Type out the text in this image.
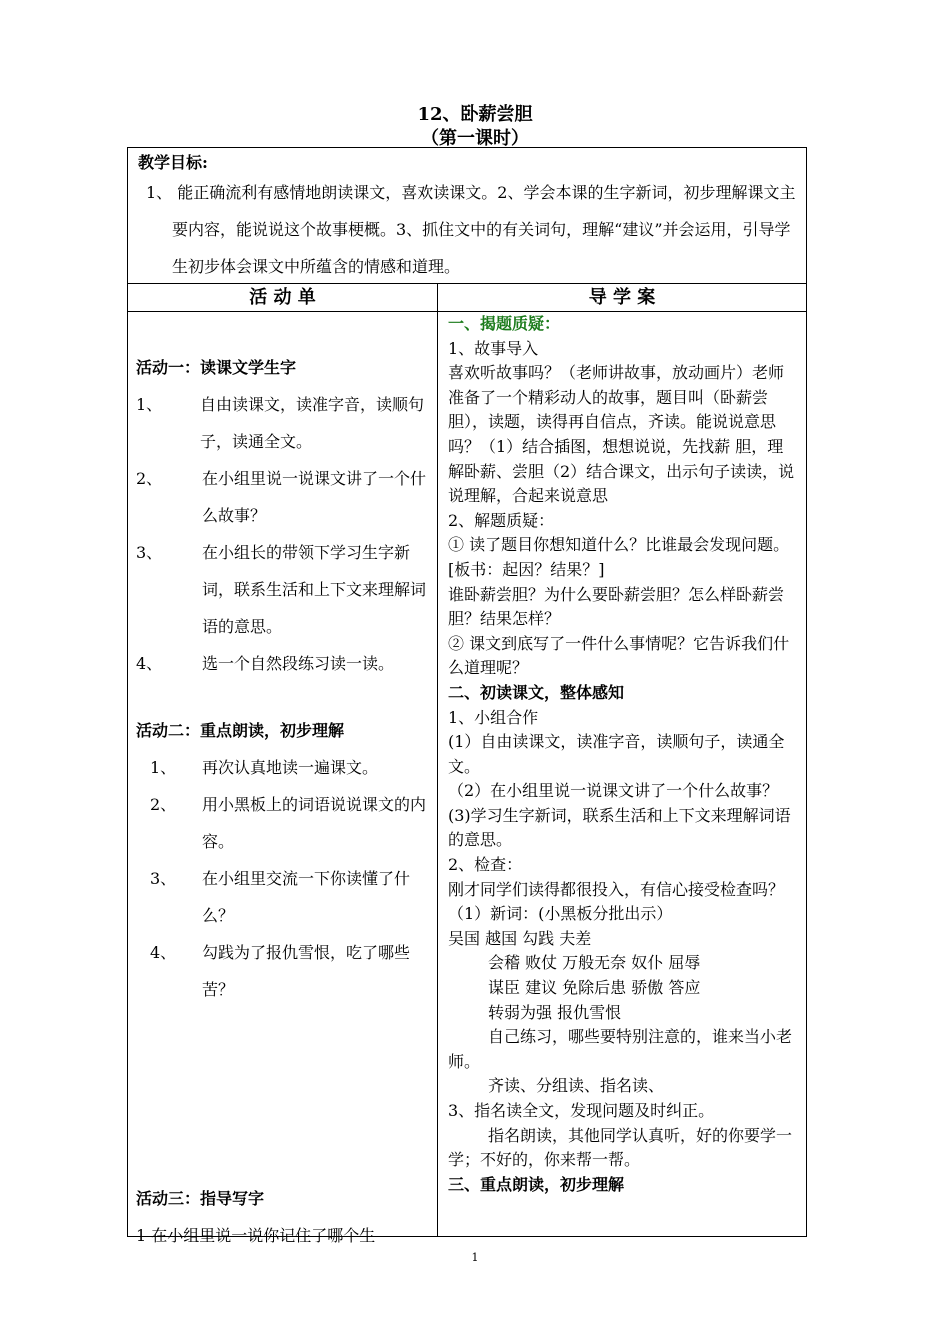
12、卧薪尝胆
（第一课时）
教学目标:
1、 能正确流利有感情地朗读课文，喜欢读课文。2、学会本课的生字新词，初步理解课文主要内容，能说说这个故事梗概。3、抓住文中的有关词句，理解“建议”并会运用，引导学生初步体会课文中所蕴含的情感和道理。
活 动 单	导 学 案
活动一：读课文学生字
1、	自由读课文，读准字音，读顺句子，读通全文。
2、	在小组里说一说课文讲了一个什么故事？
3、	在小组长的带领下学习生字新词，联系生活和上下文来理解词语的意思。
4、	选一个自然段练习读一读。
活动二：重点朗读，初步理解
1、	再次认真地读一遍课文。
2、	用小黑板上的词语说说课文的内容。
3、	在小组里交流一下你读懂了什么？
4、	勾践为了报仇雪恨，吃了哪些苦？
活动三：指导写字
1 在小组里说一说你记住了哪个生
一、揭题质疑：
1、故事导入
喜欢听故事吗？（老师讲故事，放动画片）老师准备了一个精彩动人的故事，题目叫（卧薪尝胆），读题，读得再自信点，齐读。能说说意思吗？（1）结合插图，想想说说，先找薪 胆，理解卧薪、尝胆（2）结合课文，出示句子读读，说说理解，合起来说意思
2、解题质疑：
① 读了题目你想知道什么？比谁最会发现问题。[板书：起因？结果？]
谁卧薪尝胆？为什么要卧薪尝胆？怎么样卧薪尝胆？结果怎样？
② 课文到底写了一件什么事情呢？它告诉我们什么道理呢？
二、初读课文，整体感知
1、小组合作
(1）自由读课文，读准字音，读顺句子，读通全文。
（2）在小组里说一说课文讲了一个什么故事？
(3)学习生字新词，联系生活和上下文来理解词语的意思。
2、检查：
刚才同学们读得都很投入，有信心接受检查吗？（1）新词：(小黑板分批出示）
吴国 越国 勾践 夫差
会稽 败仗 万般无奈 奴仆 屈辱
谋臣 建议 免除后患 骄傲 答应
转弱为强 报仇雪恨
自己练习，哪些要特别注意的，谁来当小老师。
齐读、分组读、指名读、
3、指名读全文，发现问题及时纠正。
指名朗读，其他同学认真听，好的你要学一学；不好的，你来帮一帮。
三、重点朗读，初步理解
1
